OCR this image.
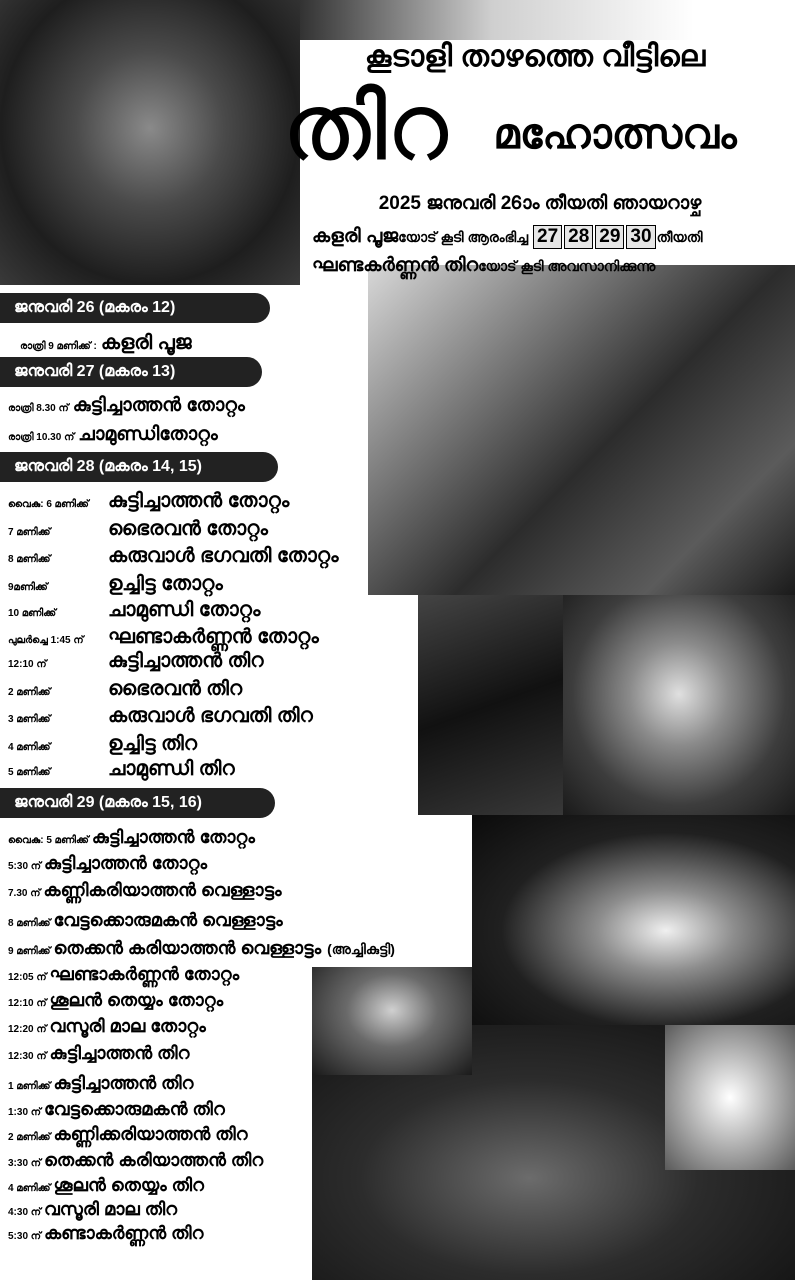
കൂടാളി താഴത്തെ വീട്ടിലെ
തിറ	മഹോത്സവം
2025 ജനുവരി 26ാം തീയതി ഞായറാഴ്ച
കളരി പൂജയോട് കൂടി ആരംഭിച്ച 27 28 29 30 തീയതി
ഘണ്ടകർണ്ണൻ തിറയോട് കൂടി അവസാനിക്കുന്നു
ജനുവരി 26 (മകരം 12)
രാത്രി 9 മണിക്ക് : കളരി പൂജ
ജനുവരി 27 (മകരം 13)
രാത്രി 8.30 ന് കുട്ടിച്ചാത്തൻ തോറ്റം
രാത്രി 10.30 ന് ചാമുണ്ഡിതോറ്റം
ജനുവരി 28 (മകരം 14, 15)
വൈകു: 6 മണിക്ക് കുട്ടിച്ചാത്തൻ തോറ്റം
7 മണിക്ക്	ഭൈരവൻ തോറ്റം
8 മണിക്ക്	കരുവാൾ ഭഗവതി തോറ്റം
9മണിക്ക്	ഉച്ചിട്ട തോറ്റം
10 മണിക്ക്	ചാമുണ്ഡി തോറ്റം
പുലർച്ചെ 1:45 ന്	ഘണ്ടാകർണ്ണൻ തോറ്റം
12:10 ന്	കുട്ടിച്ചാത്തൻ തിറ
2 മണിക്ക്	ഭൈരവൻ തിറ
3 മണിക്ക്	കരുവാൾ ഭഗവതി തിറ
4 മണിക്ക്	ഉച്ചിട്ട തിറ
5 മണിക്ക്	ചാമുണ്ഡി തിറ
ജനുവരി 29 (മകരം 15, 16)
വൈകു: 5 മണിക്ക് കുട്ടിച്ചാത്തൻ തോറ്റം
5:30 ന് കുട്ടിച്ചാത്തൻ തോറ്റം
7.30 ന് കണ്ണികരിയാത്തൻ വെള്ളാട്ടം
8 മണിക്ക് വേട്ടക്കൊരുമകൻ വെള്ളാട്ടം
9 മണിക്ക് തെക്കൻ കരിയാത്തൻ വെള്ളാട്ടം (അച്ചികുട്ടി)
12:05 ന് ഘണ്ടാകർണ്ണൻ തോറ്റം
12:10 ന് ശൂലൻ തെയ്യം തോറ്റം
12:20 ന് വസൂരി മാല തോറ്റം
12:30 ന് കുട്ടിച്ചാത്തൻ തിറ
1 മണിക്ക് കുട്ടിച്ചാത്തൻ തിറ
1:30 ന് വേട്ടക്കൊരുമകൻ തിറ
2 മണിക്ക് കണ്ണിക്കരിയാത്തൻ തിറ
3:30 ന് തെക്കൻ കരിയാത്തൻ തിറ
4 മണിക്ക് ശൂലൻ തെയ്യം തിറ
4:30 ന് വസൂരി മാല തിറ
5:30 ന് കണ്ടാകർണ്ണൻ തിറ
